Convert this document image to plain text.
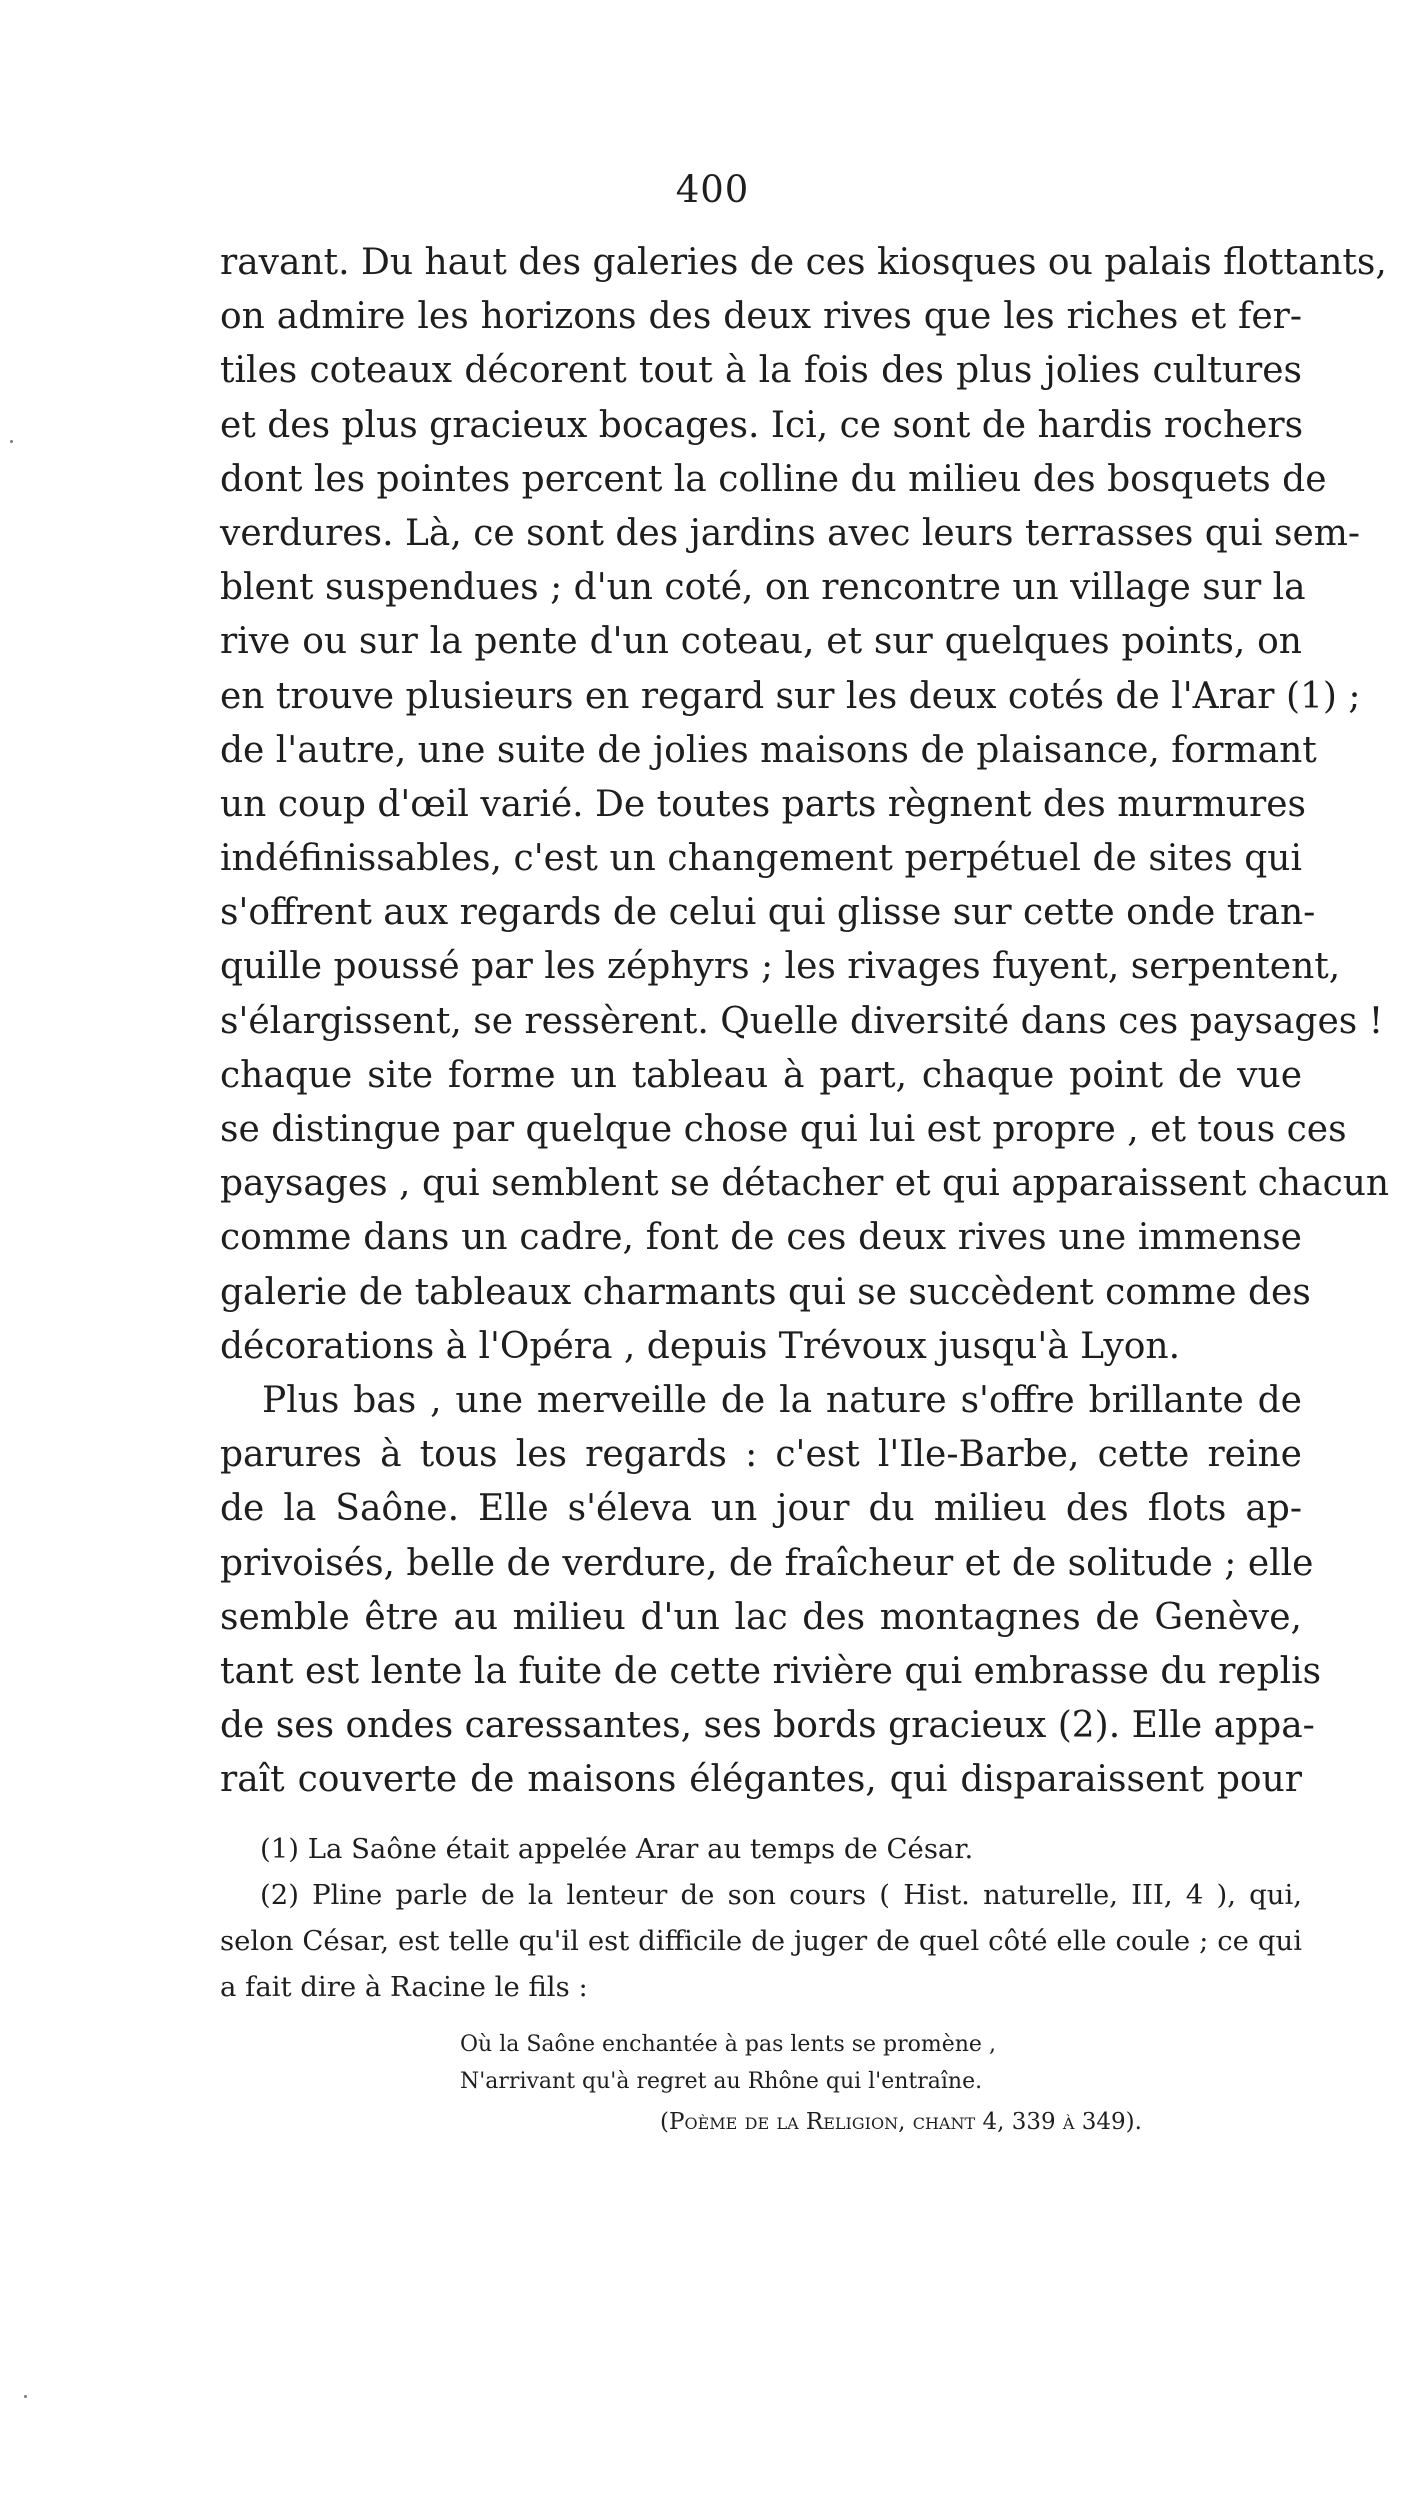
400
ravant. Du haut des galeries de ces kiosques ou palais flottants,
on admire les horizons des deux rives que les riches et fer-
tiles coteaux décorent tout à la fois des plus jolies cultures
et des plus gracieux bocages. Ici, ce sont de hardis rochers
dont les pointes percent la colline du milieu des bosquets de
verdures. Là, ce sont des jardins avec leurs terrasses qui sem-
blent suspendues ; d'un coté, on rencontre un village sur la
rive ou sur la pente d'un coteau, et sur quelques points, on
en trouve plusieurs en regard sur les deux cotés de l'Arar (1) ;
de l'autre, une suite de jolies maisons de plaisance, formant
un coup d'œil varié. De toutes parts règnent des murmures
indéfinissables, c'est un changement perpétuel de sites qui
s'offrent aux regards de celui qui glisse sur cette onde tran-
quille poussé par les zéphyrs ; les rivages fuyent, serpentent,
s'élargissent, se ressèrent. Quelle diversité dans ces paysages !
chaque site forme un tableau à part, chaque point de vue
se distingue par quelque chose qui lui est propre , et tous ces
paysages , qui semblent se détacher et qui apparaissent chacun
comme dans un cadre, font de ces deux rives une immense
galerie de tableaux charmants qui se succèdent comme des
décorations à l'Opéra , depuis Trévoux jusqu'à Lyon.
Plus bas , une merveille de la nature s'offre brillante de
parures à tous les regards : c'est l'Ile-Barbe, cette reine
de la Saône. Elle s'éleva un jour du milieu des flots ap-
privoisés, belle de verdure, de fraîcheur et de solitude ; elle
semble être au milieu d'un lac des montagnes de Genève,
tant est lente la fuite de cette rivière qui embrasse du replis
de ses ondes caressantes, ses bords gracieux (2). Elle appa-
raît couverte de maisons élégantes, qui disparaissent pour
(1) La Saône était appelée Arar au temps de César.
(2) Pline parle de la lenteur de son cours ( Hist. naturelle, III, 4 ), qui,
selon César, est telle qu'il est difficile de juger de quel côté elle coule ; ce qui
a fait dire à Racine le fils :
Où la Saône enchantée à pas lents se promène ,
N'arrivant qu'à regret au Rhône qui l'entraîne.
(Poème de la Religion, chant 4, 339 à 349).
